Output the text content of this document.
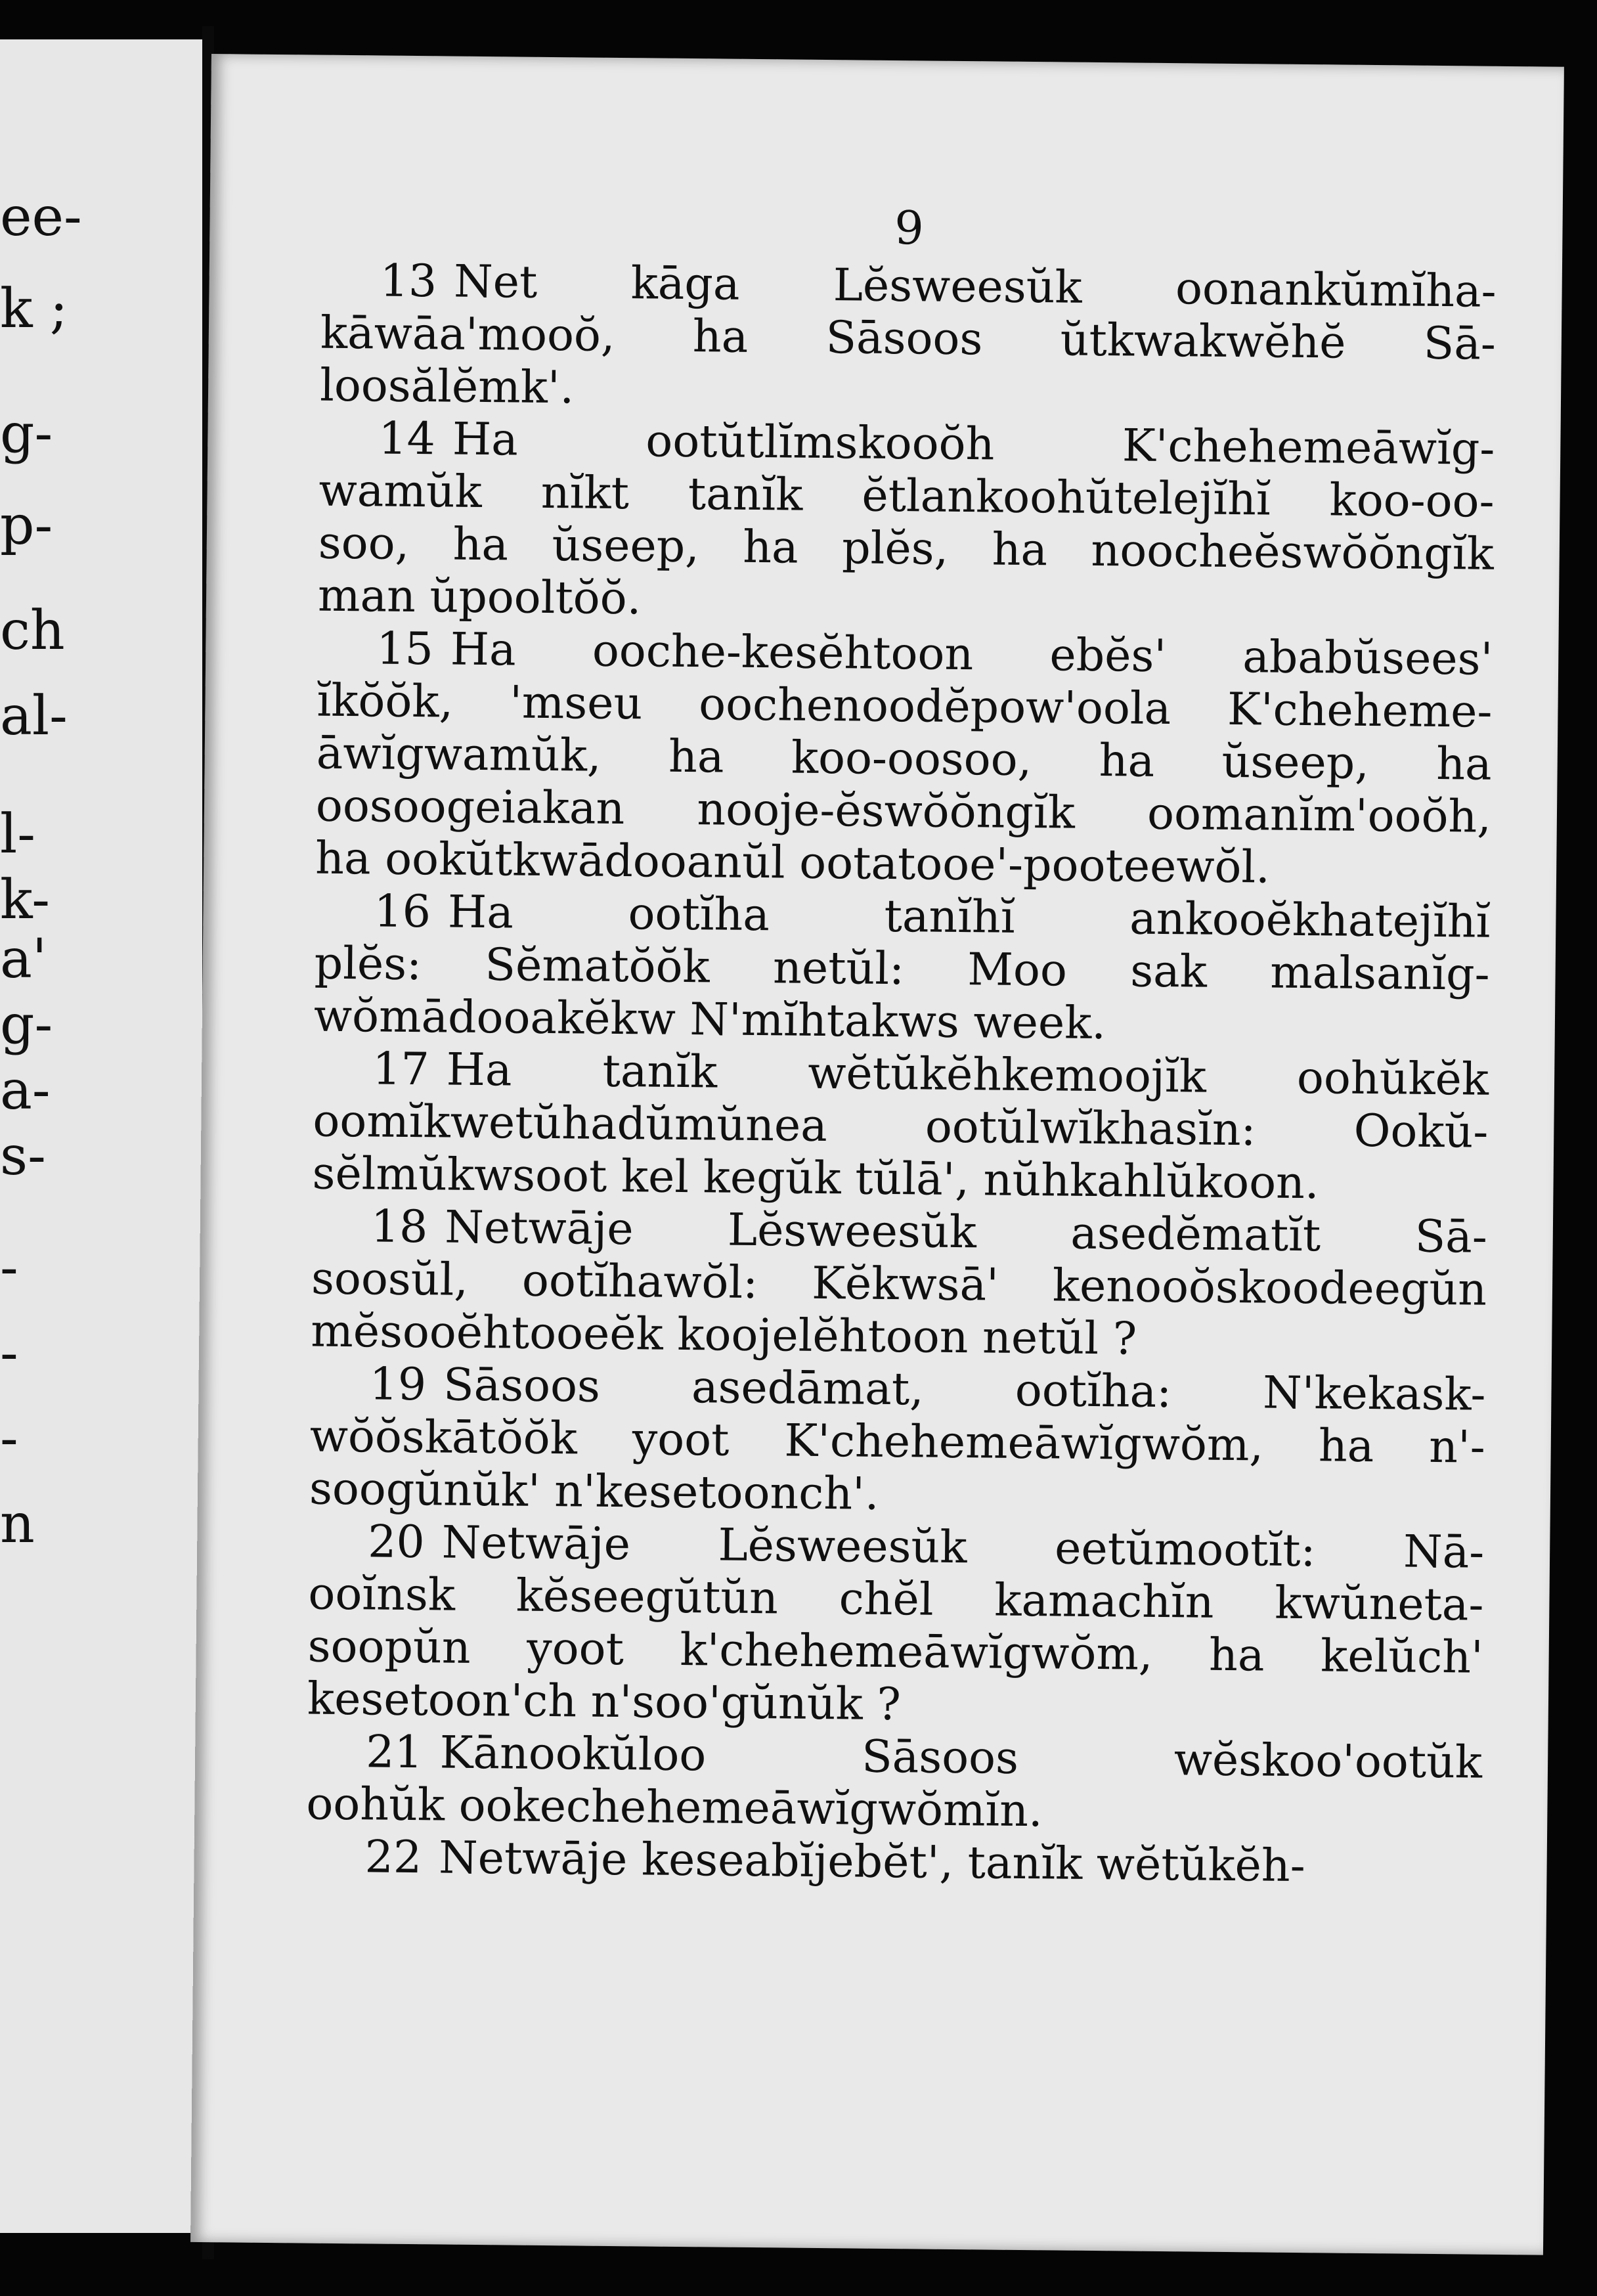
ee-
k ;
g-
p-
ch
al-
l-
k-
a'
g-
a-
s-
-
-
-
n
9
13 Net kāga Lĕsweesŭk oonankŭmĭha-
kāwāa'mooŏ, ha Sāsoos ŭtkwakwĕhĕ Sā-
loosălĕmk'.
14 Ha ootŭtlĭmskooŏh K'chehemeāwĭg-
wamŭk nĭkt tanĭk ĕtlankoohŭtelejĭhĭ koo-oo-
soo, ha ŭseep, ha plĕs, ha noocheĕswŏŏngĭk
man ŭpooltŏŏ.
15 Ha ooche-kesĕhtoon ebĕs' ababŭsees'
ĭkŏŏk, 'mseu oochenoodĕpow'oola K'cheheme-
āwĭgwamŭk, ha koo-oosoo, ha ŭseep, ha
oosoogeiakan nooje-ĕswŏŏngĭk oomanĭm'ooŏh,
ha ookŭtkwādooanŭl ootatooe'-pooteewŏl.
16 Ha ootĭha tanĭhĭ ankooĕkhatejĭhĭ
plĕs: Sĕmatŏŏk netŭl: Moo sak malsanĭg-
wŏmādooakĕkw N'mĭhtakws week.
17 Ha tanĭk wĕtŭkĕhkemoojĭk oohŭkĕk
oomĭkwetŭhadŭmŭnea ootŭlwĭkhasĭn: Ookŭ-
sĕlmŭkwsoot kel kegŭk tŭlā', nŭhkahlŭkoon.
18 Netwāje Lĕsweesŭk asedĕmatĭt Sā-
soosŭl, ootĭhawŏl: Kĕkwsā' kenooŏskoodeegŭn
mĕsooĕhtooeĕk koojelĕhtoon netŭl ?
19 Sāsoos asedāmat, ootĭha: N'kekask-
wŏŏskātŏŏk yoot K'chehemeāwĭgwŏm, ha n'-
soogŭnŭk' n'kesetoonch'.
20 Netwāje Lĕsweesŭk eetŭmootĭt: Nā-
ooĭnsk kĕseegŭtŭn chĕl kamachĭn kwŭneta-
soopŭn yoot k'chehemeāwĭgwŏm, ha kelŭch'
kesetoon'ch n'soo'gŭnŭk ?
21 Kānookŭloo Sāsoos wĕskoo'ootŭk
oohŭk ookechehemeāwĭgwŏmĭn.
22 Netwāje keseabĭjebĕt', tanĭk wĕtŭkĕh-
